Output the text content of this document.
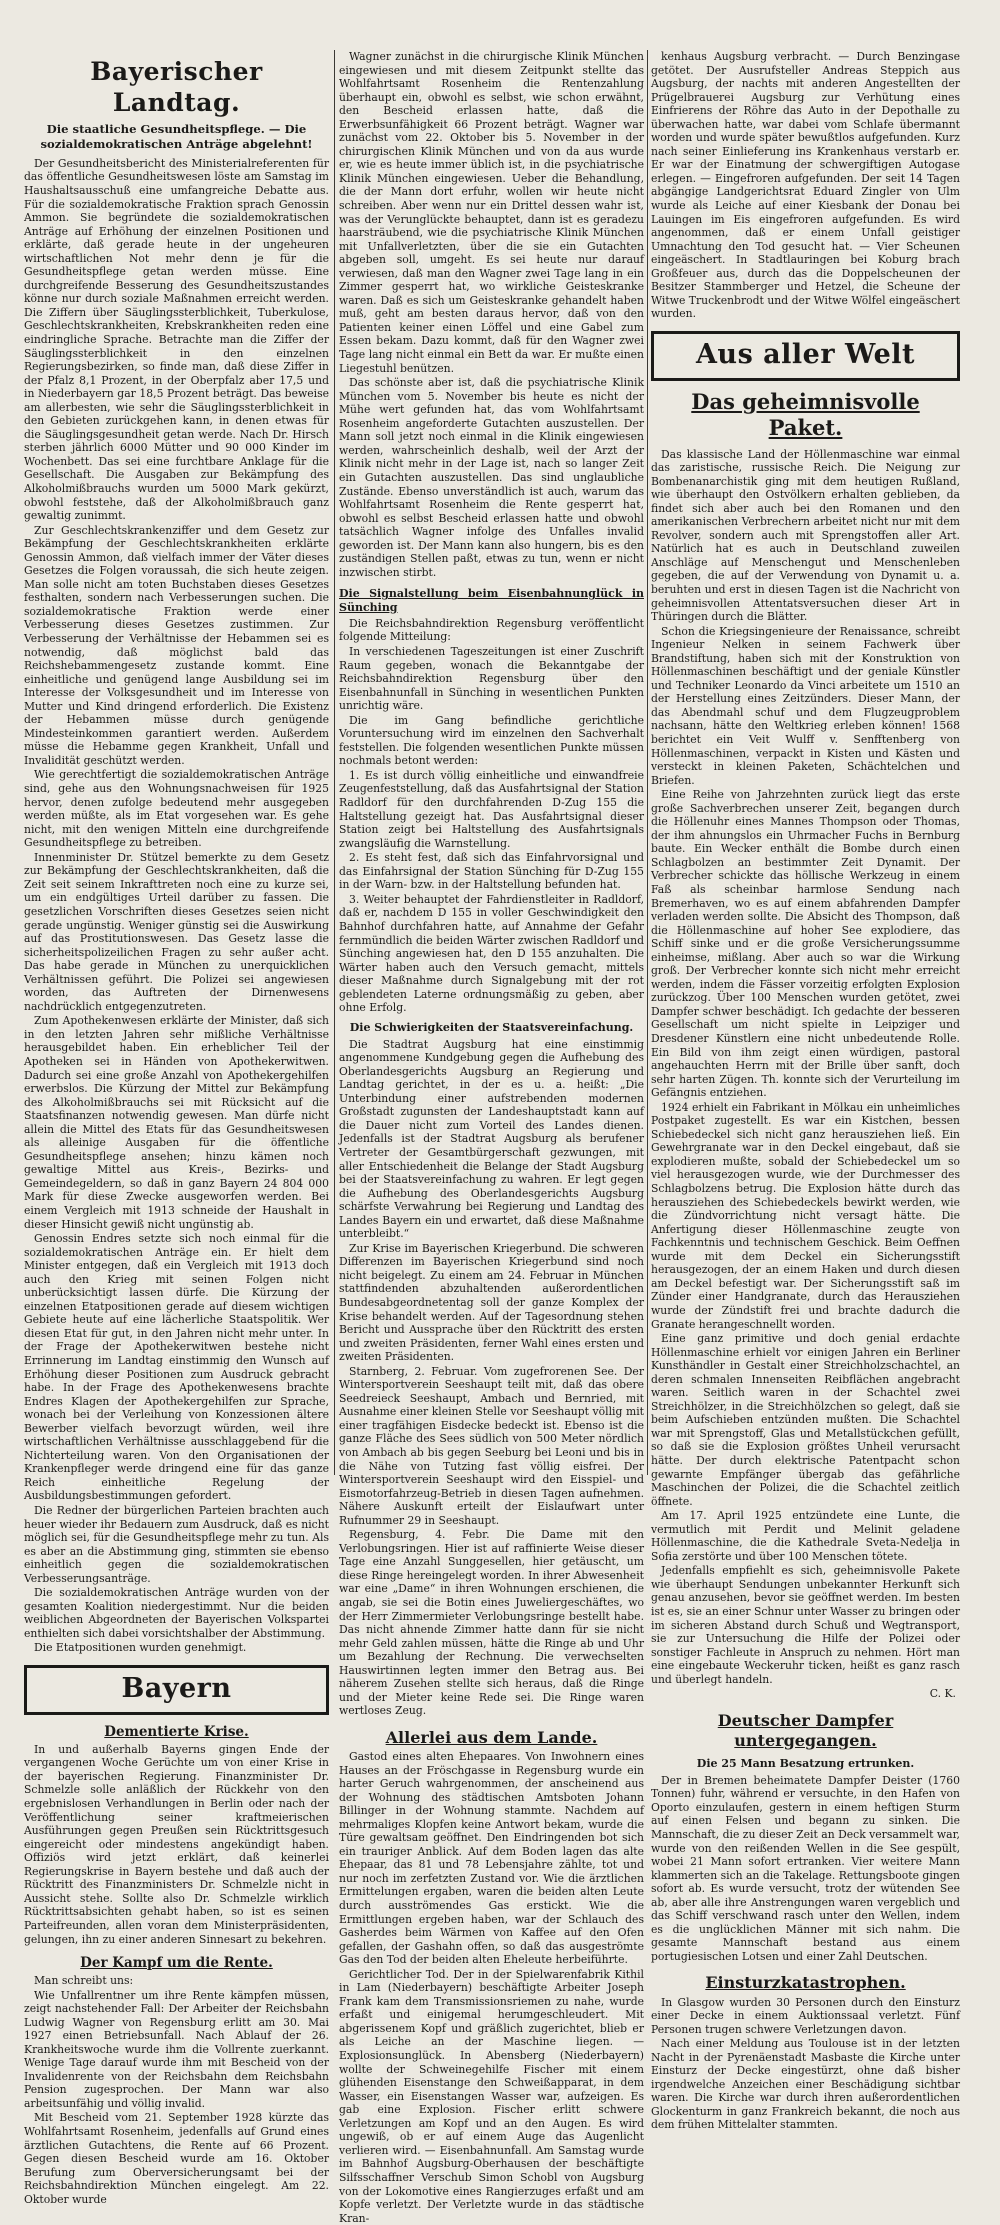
Bayerischer Landtag.
Die staatliche Gesundheitspflege. — Die sozialdemokratischen Anträge abgelehnt!

Der Gesundheitsbericht des Ministerialreferenten für das öffentliche Gesundheitswesen löste am Samstag im Haushaltsausschuß eine umfangreiche Debatte aus. Für die sozialdemokratische Fraktion sprach Genossin Ammon. Sie begründete die sozialdemokratischen Anträge auf Erhöhung der einzelnen Positionen und erklärte, daß gerade heute in der ungeheuren wirtschaftlichen Not mehr denn je für die Gesundheitspflege getan werden müsse. Eine durchgreifende Besserung des Gesundheitszustandes könne nur durch soziale Maßnahmen erreicht werden. Die Ziffern über Säuglingssterblichkeit, Tuberkulose, Geschlechtskrankheiten, Krebskrankheiten reden eine eindringliche Sprache. Betrachte man die Ziffer der Säuglingssterblichkeit in den einzelnen Regierungsbezirken, so finde man, daß diese Ziffer in der Pfalz 8,1 Prozent, in der Oberpfalz aber 17,5 und in Niederbayern gar 18,5 Prozent beträgt. Das beweise am allerbesten, wie sehr die Säuglingssterblichkeit in den Gebieten zurückgehen kann, in denen etwas für die Säuglingsgesundheit getan werde. Nach Dr. Hirsch sterben jährlich 6000 Mütter und 90 000 Kinder im Wochenbett. Das sei eine furchtbare Anklage für die Gesellschaft. Die Ausgaben zur Bekämpfung des Alkoholmißbrauchs wurden um 5000 Mark gekürzt, obwohl feststehe, daß der Alkoholmißbrauch ganz gewaltig zunimmt.

Zur Geschlechtskrankenziffer und dem Gesetz zur Bekämpfung der Geschlechtskrankheiten erklärte Genossin Ammon, daß vielfach immer der Väter dieses Gesetzes die Folgen voraussah, die sich heute zeigen. Man solle nicht am toten Buchstaben dieses Gesetzes festhalten, sondern nach Verbesserungen suchen. Die sozialdemokratische Fraktion werde einer Verbesserung dieses Gesetzes zustimmen. Zur Verbesserung der Verhältnisse der Hebammen sei es notwendig, daß möglichst bald das Reichshebammengesetz zustande kommt. Eine einheitliche und genügend lange Ausbildung sei im Interesse der Volksgesundheit und im Interesse von Mutter und Kind dringend erforderlich. Die Existenz der Hebammen müsse durch genügende Mindesteinkommen garantiert werden. Außerdem müsse die Hebamme gegen Krankheit, Unfall und Invalidität geschützt werden.

Wie gerechtfertigt die sozialdemokratischen Anträge sind, gehe aus den Wohnungsnachweisen für 1925 hervor, denen zufolge bedeutend mehr ausgegeben werden müßte, als im Etat vorgesehen war. Es gehe nicht, mit den wenigen Mitteln eine durchgreifende Gesundheitspflege zu betreiben.

Innenminister Dr. Stützel bemerkte zu dem Gesetz zur Bekämpfung der Geschlechtskrankheiten, daß die Zeit seit seinem Inkrafttreten noch eine zu kurze sei, um ein endgültiges Urteil darüber zu fassen. Die gesetzlichen Vorschriften dieses Gesetzes seien nicht gerade ungünstig. Weniger günstig sei die Auswirkung auf das Prostitutionswesen. Das Gesetz lasse die sicherheitspolizeilichen Fragen zu sehr außer acht. Das habe gerade in München zu unerquicklichen Verhältnissen geführt. Die Polizei sei angewiesen worden, das Auftreten der Dirnenwesens nachdrücklich entgegenzutreten.

Zum Apothekenwesen erklärte der Minister, daß sich in den letzten Jahren sehr mißliche Verhältnisse herausgebildet haben. Ein erheblicher Teil der Apotheken sei in Händen von Apothekerwitwen. Dadurch sei eine große Anzahl von Apothekergehilfen erwerbslos. Die Kürzung der Mittel zur Bekämpfung des Alkoholmißbrauchs sei mit Rücksicht auf die Staatsfinanzen notwendig gewesen. Man dürfe nicht allein die Mittel des Etats für das Gesundheitswesen als alleinige Ausgaben für die öffentliche Gesundheitspflege ansehen; hinzu kämen noch gewaltige Mittel aus Kreis-, Bezirks- und Gemeindegeldern, so daß in ganz Bayern 24 804 000 Mark für diese Zwecke ausgeworfen werden. Bei einem Vergleich mit 1913 schneide der Haushalt in dieser Hinsicht gewiß nicht ungünstig ab.

Genossin Endres setzte sich noch einmal für die sozialdemokratischen Anträge ein. Er hielt dem Minister entgegen, daß ein Vergleich mit 1913 doch auch den Krieg mit seinen Folgen nicht unberücksichtigt lassen dürfe. Die Kürzung der einzelnen Etatpositionen gerade auf diesem wichtigen Gebiete heute auf eine lächerliche Staatspolitik. Wer diesen Etat für gut, in den Jahren nicht mehr unter. In der Frage der Apothekerwitwen bestehe nicht Errinnerung im Landtag einstimmig den Wunsch auf Erhöhung dieser Positionen zum Ausdruck gebracht habe. In der Frage des Apothekenwesens brachte Endres Klagen der Apothekergehilfen zur Sprache, wonach bei der Verleihung von Konzessionen ältere Bewerber vielfach bevorzugt würden, weil ihre wirtschaftlichen Verhältnisse ausschlaggebend für die Nichterteilung waren. Von den Organisationen der Krankenpfleger werde dringend eine für das ganze Reich einheitliche Regelung der Ausbildungsbestimmungen gefordert.

Die Redner der bürgerlichen Parteien brachten auch heuer wieder ihr Bedauern zum Ausdruck, daß es nicht möglich sei, für die Gesundheitspflege mehr zu tun. Als es aber an die Abstimmung ging, stimmten sie ebenso einheitlich gegen die sozialdemokratischen Verbesserungsanträge.

Die sozialdemokratischen Anträge wurden von der gesamten Koalition niedergestimmt. Nur die beiden weiblichen Abgeordneten der Bayerischen Volkspartei enthielten sich dabei vorsichtshalber der Abstimmung.

Die Etatpositionen wurden genehmigt.

Bayern
Dementierte Krise.

In und außerhalb Bayerns gingen Ende der vergangenen Woche Gerüchte um von einer Krise in der bayerischen Regierung. Finanzminister Dr. Schmelzle solle anläßlich der Rückkehr von den ergebnislosen Verhandlungen in Berlin oder nach der Veröffentlichung seiner kraftmeierischen Ausführungen gegen Preußen sein Rücktrittsgesuch eingereicht oder mindestens angekündigt haben. Offiziös wird jetzt erklärt, daß keinerlei Regierungskrise in Bayern bestehe und daß auch der Rücktritt des Finanzministers Dr. Schmelzle nicht in Aussicht stehe. Sollte also Dr. Schmelzle wirklich Rücktrittsabsichten gehabt haben, so ist es seinen Parteifreunden, allen voran dem Ministerpräsidenten, gelungen, ihn zu einer anderen Sinnesart zu bekehren.

Der Kampf um die Rente.

Man schreibt uns:

Wie Unfallrentner um ihre Rente kämpfen müssen, zeigt nachstehender Fall: Der Arbeiter der Reichsbahn Ludwig Wagner von Regensburg erlitt am 30. Mai 1927 einen Betriebsunfall. Nach Ablauf der 26. Krankheitswoche wurde ihm die Vollrente zuerkannt. Wenige Tage darauf wurde ihm mit Bescheid von der Invalidenrente von der Reichsbahn dem Reichsbahn Pension zugesprochen. Der Mann war also arbeitsunfähig und völlig invalid.

Mit Bescheid vom 21. September 1928 kürzte das Wohlfahrtsamt Rosenheim, jedenfalls auf Grund eines ärztlichen Gutachtens, die Rente auf 66 Prozent. Gegen diesen Bescheid wurde am 16. Oktober Berufung zum Oberversicherungsamt bei der Reichsbahndirektion München eingelegt. Am 22. Oktober wurde

Wagner zunächst in die chirurgische Klinik München eingewiesen und mit diesem Zeitpunkt stellte das Wohlfahrtsamt Rosenheim die Rentenzahlung überhaupt ein, obwohl es selbst, wie schon erwähnt, den Bescheid erlassen hatte, daß die Erwerbsunfähigkeit 66 Prozent beträgt. Wagner war zunächst vom 22. Oktober bis 5. November in der chirurgischen Klinik München und von da aus wurde er, wie es heute immer üblich ist, in die psychiatrische Klinik München eingewiesen. Ueber die Behandlung, die der Mann dort erfuhr, wollen wir heute nicht schreiben. Aber wenn nur ein Drittel dessen wahr ist, was der Verunglückte behauptet, dann ist es geradezu haarsträubend, wie die psychiatrische Klinik München mit Unfallverletzten, über die sie ein Gutachten abgeben soll, umgeht. Es sei heute nur darauf verwiesen, daß man den Wagner zwei Tage lang in ein Zimmer gesperrt hat, wo wirkliche Geisteskranke waren. Daß es sich um Geisteskranke gehandelt haben muß, geht am besten daraus hervor, daß von den Patienten keiner einen Löffel und eine Gabel zum Essen bekam. Dazu kommt, daß für den Wagner zwei Tage lang nicht einmal ein Bett da war. Er mußte einen Liegestuhl benützen.

Das schönste aber ist, daß die psychiatrische Klinik München vom 5. November bis heute es nicht der Mühe wert gefunden hat, das vom Wohlfahrtsamt Rosenheim angeforderte Gutachten auszustellen. Der Mann soll jetzt noch einmal in die Klinik eingewiesen werden, wahrscheinlich deshalb, weil der Arzt der Klinik nicht mehr in der Lage ist, nach so langer Zeit ein Gutachten auszustellen. Das sind unglaubliche Zustände. Ebenso unverständlich ist auch, warum das Wohlfahrtsamt Rosenheim die Rente gesperrt hat, obwohl es selbst Bescheid erlassen hatte und obwohl tatsächlich Wagner infolge des Unfalles invalid geworden ist. Der Mann kann also hungern, bis es den zuständigen Stellen paßt, etwas zu tun, wenn er nicht inzwischen stirbt.

Die Signalstellung beim Eisenbahnunglück in Sünching

Die Reichsbahndirektion Regensburg veröffentlicht folgende Mitteilung:

In verschiedenen Tageszeitungen ist einer Zuschrift Raum gegeben, wonach die Bekanntgabe der Reichsbahndirektion Regensburg über den Eisenbahnunfall in Sünching in wesentlichen Punkten unrichtig wäre.

Die im Gang befindliche gerichtliche Voruntersuchung wird im einzelnen den Sachverhalt feststellen. Die folgenden wesentlichen Punkte müssen nochmals betont werden:

1. Es ist durch völlig einheitliche und einwandfreie Zeugenfeststellung, daß das Ausfahrtsignal der Station Radldorf für den durchfahrenden D-Zug 155 die Haltstellung gezeigt hat. Das Ausfahrtsignal dieser Station zeigt bei Haltstellung des Ausfahrtsignals zwangsläufig die Warnstellung.

2. Es steht fest, daß sich das Einfahrvorsignal und das Einfahrsignal der Station Sünching für D-Zug 155 in der Warn- bzw. in der Haltstellung befunden hat.

3. Weiter behauptet der Fahrdienstleiter in Radldorf, daß er, nachdem D 155 in voller Geschwindigkeit den Bahnhof durchfahren hatte, auf Annahme der Gefahr fernmündlich die beiden Wärter zwischen Radldorf und Sünching angewiesen hat, den D 155 anzuhalten. Die Wärter haben auch den Versuch gemacht, mittels dieser Maßnahme durch Signalgebung mit der rot geblendeten Laterne ordnungsmäßig zu geben, aber ohne Erfolg.

Die Schwierigkeiten der Staatsvereinfachung.

Die Stadtrat Augsburg hat eine einstimmig angenommene Kundgebung gegen die Aufhebung des Oberlandesgerichts Augsburg an Regierung und Landtag gerichtet, in der es u. a. heißt: „Die Unterbindung einer aufstrebenden modernen Großstadt zugunsten der Landeshauptstadt kann auf die Dauer nicht zum Vorteil des Landes dienen. Jedenfalls ist der Stadtrat Augsburg als berufener Vertreter der Gesamtbürgerschaft gezwungen, mit aller Entschiedenheit die Belange der Stadt Augsburg bei der Staatsvereinfachung zu wahren. Er legt gegen die Aufhebung des Oberlandesgerichts Augsburg schärfste Verwahrung bei Regierung und Landtag des Landes Bayern ein und erwartet, daß diese Maßnahme unterbleibt.“

Zur Krise im Bayerischen Kriegerbund. Die schweren Differenzen im Bayerischen Kriegerbund sind noch nicht beigelegt. Zu einem am 24. Februar in München stattfindenden abzuhaltenden außerordentlichen Bundesabgeordnetentag soll der ganze Komplex der Krise behandelt werden. Auf der Tagesordnung stehen Bericht und Aussprache über den Rücktritt des ersten und zweiten Präsidenten, ferner Wahl eines ersten und zweiten Präsidenten.

Starnberg, 2. Februar. Vom zugefrorenen See. Der Wintersportverein Seeshaupt teilt mit, daß das obere Seedreieck Seeshaupt, Ambach und Bernried, mit Ausnahme einer kleinen Stelle vor Seeshaupt völlig mit einer tragfähigen Eisdecke bedeckt ist. Ebenso ist die ganze Fläche des Sees südlich von 500 Meter nördlich von Ambach ab bis gegen Seeburg bei Leoni und bis in die Nähe von Tutzing fast völlig eisfrei. Der Wintersportverein Seeshaupt wird den Eisspiel- und Eismotorfahrzeug-Betrieb in diesen Tagen aufnehmen. Nähere Auskunft erteilt der Eislaufwart unter Rufnummer 29 in Seeshaupt.

Regensburg, 4. Febr. Die Dame mit den Verlobungsringen. Hier ist auf raffinierte Weise dieser Tage eine Anzahl Sunggesellen, hier getäuscht, um diese Ringe hereingelegt worden. In ihrer Abwesenheit war eine „Dame“ in ihren Wohnungen erschienen, die angab, sie sei die Botin eines Juweliergeschäftes, wo der Herr Zimmermieter Verlobungsringe bestellt habe. Das nicht ahnende Zimmer hatte dann für sie nicht mehr Geld zahlen müssen, hätte die Ringe ab und Uhr um Bezahlung der Rechnung. Die verwechselten Hauswirtinnen legten immer den Betrag aus. Bei näherem Zusehen stellte sich heraus, daß die Ringe und der Mieter keine Rede sei. Die Ringe waren wertloses Zeug.

Allerlei aus dem Lande.

Gastod eines alten Ehepaares. Von Inwohnern eines Hauses an der Fröschgasse in Regensburg wurde ein harter Geruch wahrgenommen, der anscheinend aus der Wohnung des städtischen Amtsboten Johann Billinger in der Wohnung stammte. Nachdem auf mehrmaliges Klopfen keine Antwort bekam, wurde die Türe gewaltsam geöffnet. Den Eindringenden bot sich ein trauriger Anblick. Auf dem Boden lagen das alte Ehepaar, das 81 und 78 Lebensjahre zählte, tot und nur noch im zerfetzten Zustand vor. Wie die ärztlichen Ermittelungen ergaben, waren die beiden alten Leute durch ausströmendes Gas erstickt. Wie die Ermittlungen ergeben haben, war der Schlauch des Gasherdes beim Wärmen von Kaffee auf den Ofen gefallen, der Gashahn offen, so daß das ausgeströmte Gas den Tod der beiden alten Eheleute herbeiführte.

Gerichtlicher Tod. Der in der Spielwarenfabrik Kithil in Lam (Niederbayern) beschäftigte Arbeiter Joseph Frank kam dem Transmissionsriemen zu nahe, wurde erfaßt und einigemal herumgeschleudert. Mit abgerissenem Kopf und gräßlich zugerichtet, blieb er als Leiche an der Maschine liegen. — Explosionsunglück. In Abensberg (Niederbayern) wollte der Schweinegehilfe Fischer mit einem glühenden Eisenstange den Schweißapparat, in dem Wasser, ein Eisenstangen Wasser war, aufzeigen. Es gab eine Explosion. Fischer erlitt schwere Verletzungen am Kopf und an den Augen. Es wird ungewiß, ob er auf einem Auge das Augenlicht verlieren wird. — Eisenbahnunfall. Am Samstag wurde im Bahnhof Augsburg-Oberhausen der beschäftigte Silfsschaffner Verschub Simon Schobl von Augsburg von der Lokomotive eines Rangierzuges erfaßt und am Kopfe verletzt. Der Verletzte wurde in das städtische Kran-

kenhaus Augsburg verbracht. — Durch Benzingase getötet. Der Ausrufsteller Andreas Steppich aus Augsburg, der nachts mit anderen Angestellten der Prügelbrauerei Augsburg zur Verhütung eines Einfrierens der Röhre das Auto in der Depothalle zu überwachen hatte, war dabei vom Schlafe übermannt worden und wurde später bewußtlos aufgefunden. Kurz nach seiner Einlieferung ins Krankenhaus verstarb er. Er war der Einatmung der schwergiftigen Autogase erlegen. — Eingefroren aufgefunden. Der seit 14 Tagen abgängige Landgerichtsrat Eduard Zingler von Ulm wurde als Leiche auf einer Kiesbank der Donau bei Lauingen im Eis eingefroren aufgefunden. Es wird angenommen, daß er einem Unfall geistiger Umnachtung den Tod gesucht hat. — Vier Scheunen eingeäschert. In Stadtlauringen bei Koburg brach Großfeuer aus, durch das die Doppelscheunen der Besitzer Stammberger und Hetzel, die Scheune der Witwe Truckenbrodt und der Witwe Wölfel eingeäschert wurden.

Aus aller Welt
Das geheimnisvolle Paket.

Das klassische Land der Höllenmaschine war einmal das zaristische, russische Reich. Die Neigung zur Bombenanarchistik ging mit dem heutigen Rußland, wie überhaupt den Ostvölkern erhalten geblieben, da findet sich aber auch bei den Romanen und den amerikanischen Verbrechern arbeitet nicht nur mit dem Revolver, sondern auch mit Sprengstoffen aller Art. Natürlich hat es auch in Deutschland zuweilen Anschläge auf Menschengut und Menschenleben gegeben, die auf der Verwendung von Dynamit u. a. beruhten und erst in diesen Tagen ist die Nachricht von geheimnisvollen Attentatsversuchen dieser Art in Thüringen durch die Blätter.

Schon die Kriegsingenieure der Renaissance, schreibt Ingenieur Nelken in seinem Fachwerk über Brandstiftung, haben sich mit der Konstruktion von Höllenmaschinen beschäftigt und der geniale Künstler und Techniker Leonardo da Vinci arbeitete um 1510 an der Herstellung eines Zeitzünders. Dieser Mann, der das Abendmahl schuf und dem Flugzeugproblem nachsann, hätte den Weltkrieg erleben können! 1568 berichtet ein Veit Wulff v. Senfftenberg von Höllenmaschinen, verpackt in Kisten und Kästen und versteckt in kleinen Paketen, Schächtelchen und Briefen.

Eine Reihe von Jahrzehnten zurück liegt das erste große Sachverbrechen unserer Zeit, begangen durch die Höllenuhr eines Mannes Thompson oder Thomas, der ihm ahnungslos ein Uhrmacher Fuchs in Bernburg baute. Ein Wecker enthält die Bombe durch einen Schlagbolzen an bestimmter Zeit Dynamit. Der Verbrecher schickte das höllische Werkzeug in einem Faß als scheinbar harmlose Sendung nach Bremerhaven, wo es auf einem abfahrenden Dampfer verladen werden sollte. Die Absicht des Thompson, daß die Höllenmaschine auf hoher See explodiere, das Schiff sinke und er die große Versicherungssumme einheimse, mißlang. Aber auch so war die Wirkung groß. Der Verbrecher konnte sich nicht mehr erreicht werden, indem die Fässer vorzeitig erfolgten Explosion zurückzog. Über 100 Menschen wurden getötet, zwei Dampfer schwer beschädigt. Ich gedachte der besseren Gesellschaft um nicht spielte in Leipziger und Dresdener Künstlern eine nicht unbedeutende Rolle. Ein Bild von ihm zeigt einen würdigen, pastoral angehauchten Herrn mit der Brille über sanft, doch sehr harten Zügen. Th. konnte sich der Verurteilung im Gefängnis entziehen.

1924 erhielt ein Fabrikant in Mölkau ein unheimliches Postpaket zugestellt. Es war ein Kistchen, bessen Schiebedeckel sich nicht ganz herausziehen ließ. Ein Gewehrgranate war in den Deckel eingebaut, daß sie explodieren mußte, sobald der Schiebedeckel um so viel herausgezogen wurde, wie der Durchmesser des Schlagbolzens betrug. Die Explosion hätte durch das herausziehen des Schiebedeckels bewirkt werden, wie die Zündvorrichtung nicht versagt hätte. Die Anfertigung dieser Höllenmaschine zeugte von Fachkenntnis und technischem Geschick. Beim Oeffnen wurde mit dem Deckel ein Sicherungsstift herausgezogen, der an einem Haken und durch diesen am Deckel befestigt war. Der Sicherungsstift saß im Zünder einer Handgranate, durch das Herausziehen wurde der Zündstift frei und brachte dadurch die Granate herangeschnellt worden.

Eine ganz primitive und doch genial erdachte Höllenmaschine erhielt vor einigen Jahren ein Berliner Kunsthändler in Gestalt einer Streichholzschachtel, an deren schmalen Innenseiten Reibflächen angebracht waren. Seitlich waren in der Schachtel zwei Streichhölzer, in die Streichhölzchen so gelegt, daß sie beim Aufschieben entzünden mußten. Die Schachtel war mit Sprengstoff, Glas und Metallstückchen gefüllt, so daß sie die Explosion größtes Unheil verursacht hätte. Der durch elektrische Patentpacht schon gewarnte Empfänger übergab das gefährliche Maschinchen der Polizei, die die Schachtel zeitlich öffnete.

Am 17. April 1925 entzündete eine Lunte, die vermutlich mit Perdit und Melinit geladene Höllenmaschine, die die Kathedrale Sveta-Nedelja in Sofia zerstörte und über 100 Menschen tötete.

Jedenfalls empfiehlt es sich, geheimnisvolle Pakete wie überhaupt Sendungen unbekannter Herkunft sich genau anzusehen, bevor sie geöffnet werden. Im besten ist es, sie an einer Schnur unter Wasser zu bringen oder im sicheren Abstand durch Schuß und Wegtransport, sie zur Untersuchung die Hilfe der Polizei oder sonstiger Fachleute in Anspruch zu nehmen. Hört man eine eingebaute Weckeruhr ticken, heißt es ganz rasch und überlegt handeln.

C. K.
Deutscher Dampfer untergegangen.
Die 25 Mann Besatzung ertrunken.

Der in Bremen beheimatete Dampfer Deister (1760 Tonnen) fuhr, während er versuchte, in den Hafen von Oporto einzulaufen, gestern in einem heftigen Sturm auf einen Felsen und begann zu sinken. Die Mannschaft, die zu dieser Zeit an Deck versammelt war, wurde von den reißenden Wellen in die See gespült, wobei 21 Mann sofort ertranken. Vier weitere Mann klammerten sich an die Takelage. Rettungsboote gingen sofort ab. Es wurde versucht, trotz der wütenden See ab, aber alle ihre Anstrengungen waren vergeblich und das Schiff verschwand rasch unter den Wellen, indem es die unglücklichen Männer mit sich nahm. Die gesamte Mannschaft bestand aus einem portugiesischen Lotsen und einer Zahl Deutschen.

Einsturzkatastrophen.

In Glasgow wurden 30 Personen durch den Einsturz einer Decke in einem Auktionssaal verletzt. Fünf Personen trugen schwere Verletzungen davon.

Nach einer Meldung aus Toulouse ist in der letzten Nacht in der Pyrenäenstadt Masbaste die Kirche unter Einsturz der Decke eingestürzt, ohne daß bisher irgendwelche Anzeichen einer Beschädigung sichtbar waren. Die Kirche war durch ihren außerordentlichen Glockenturm in ganz Frankreich bekannt, die noch aus dem frühen Mittelalter stammten.
